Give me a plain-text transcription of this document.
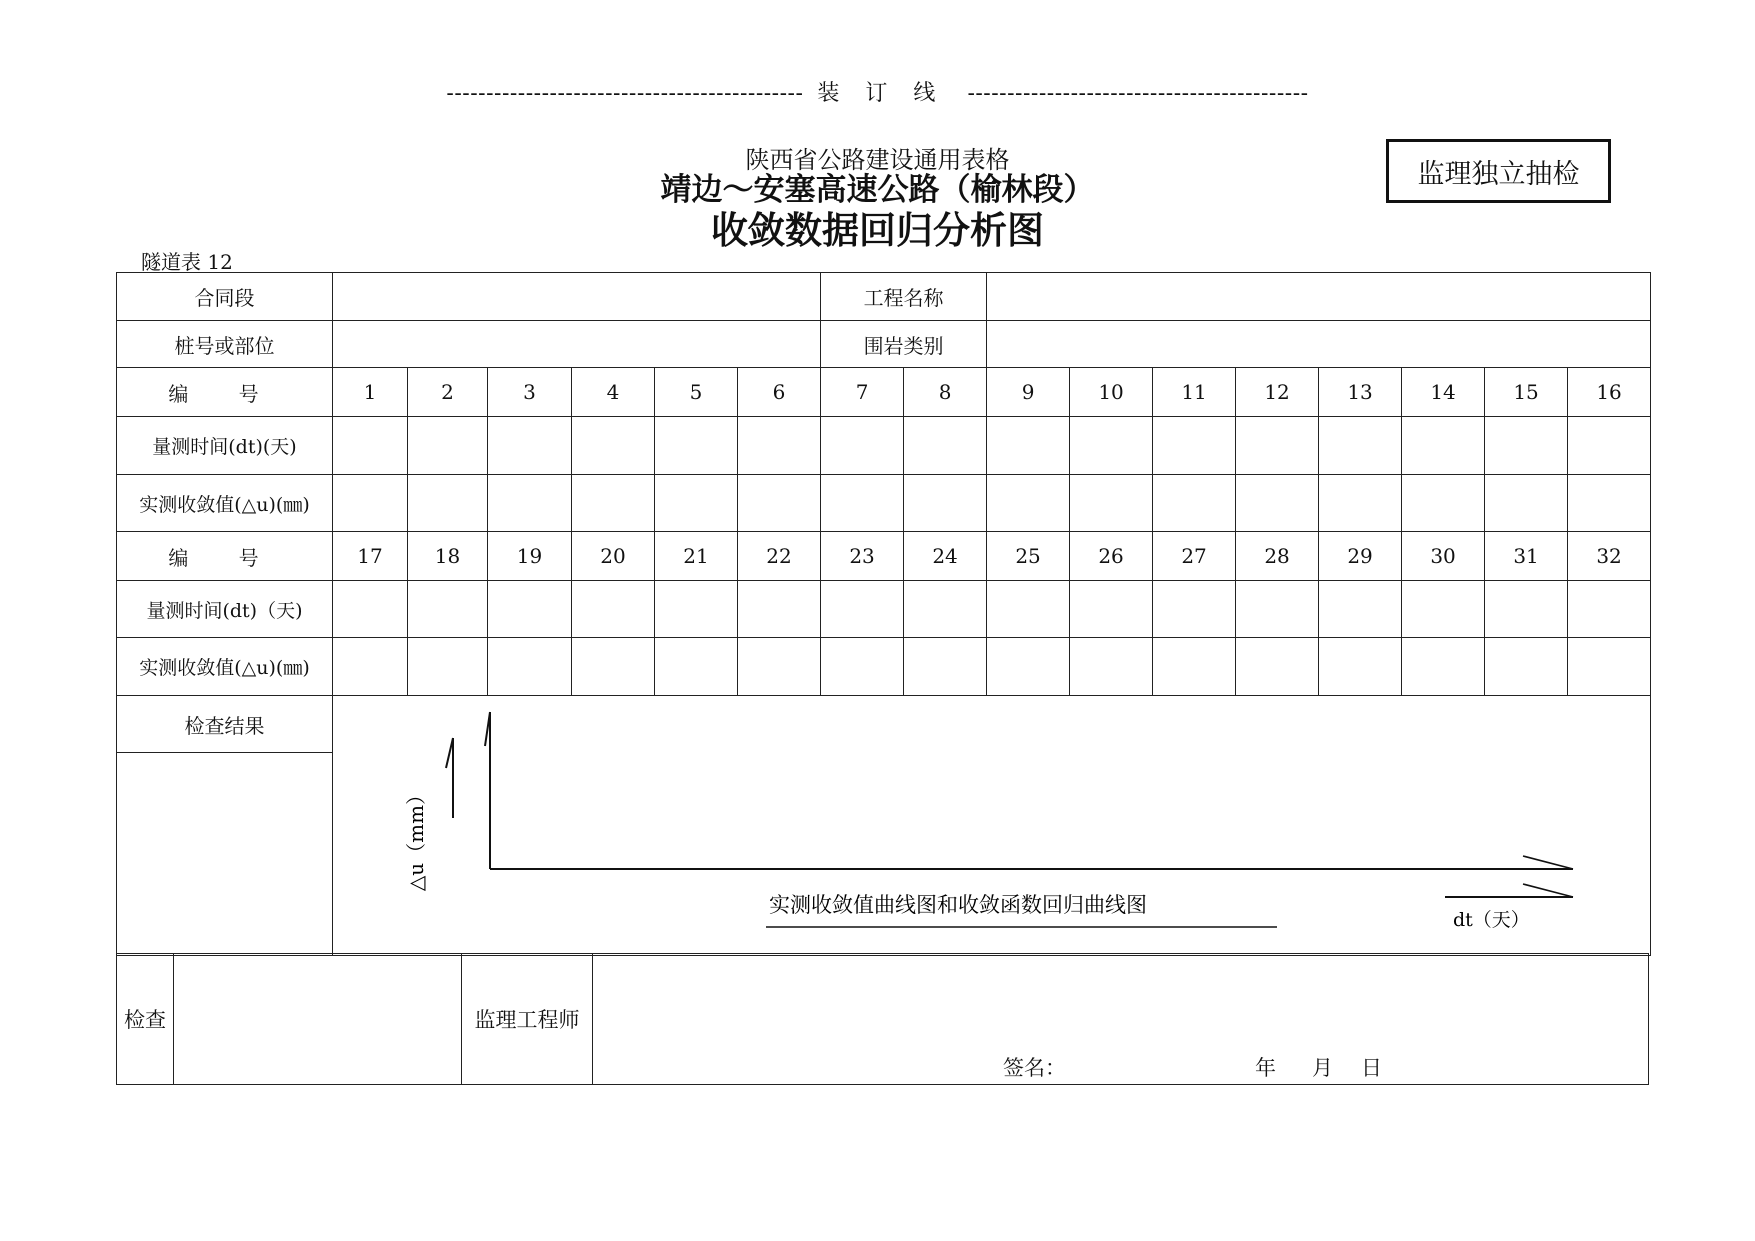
--------------------------------------------- 装订线 -------------------------------------------
陕西省公路建设通用表格
靖边～安塞高速公路（榆林段）
收敛数据回归分析图
监理独立抽检
隧道表 12
合同段							工程名称									
桩号或部位							围岩类别									
编 号	1	2	3	4	5	6	7	8	9	10	11	12	13	14	15	16
量测时间(dt)(天)																
实测收敛值(△u)(㎜)																
编 号	17	18	19	20	21	22	23	24	25	26	27	28	29	30	31	32
量测时间(dt)（天)																
实测收敛值(△u)(㎜)																
检查结果	△u（mm）
实测收敛值曲线图和收敛函数回归曲线图
dt（天）															

检查		监理工程师	
签名：	年 月 日
